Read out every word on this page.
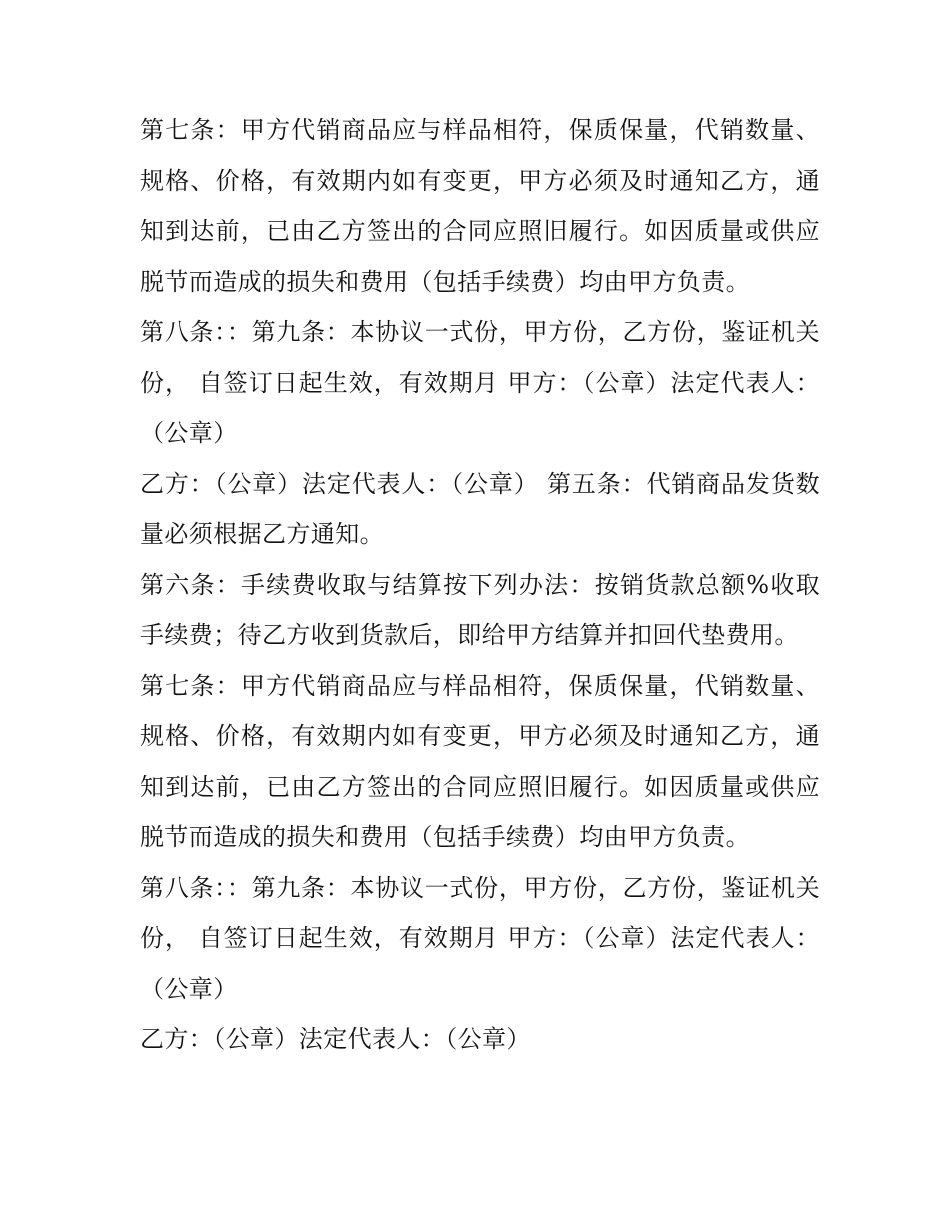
第七条：甲方代销商品应与样品相符，保质保量，代销数量、规格、价格，有效期内如有变更，甲方必须及时通知乙方，通知到达前，已由乙方签出的合同应照旧履行。如因质量或供应脱节而造成的损失和费用（包括手续费）均由甲方负责。

第八条：：第九条：本协议一式份，甲方份，乙方份，鉴证机关份， 自签订日起生效，有效期月 甲方：（公章）法定代表人：（公章）

乙方：（公章）法定代表人：（公章） 第五条：代销商品发货数量必须根据乙方通知。

第六条：手续费收取与结算按下列办法：按销货款总额%收取手续费；待乙方收到货款后，即给甲方结算并扣回代垫费用。

第七条：甲方代销商品应与样品相符，保质保量，代销数量、规格、价格，有效期内如有变更，甲方必须及时通知乙方，通知到达前，已由乙方签出的合同应照旧履行。如因质量或供应脱节而造成的损失和费用（包括手续费）均由甲方负责。

第八条：：第九条：本协议一式份，甲方份，乙方份，鉴证机关份， 自签订日起生效，有效期月 甲方：（公章）法定代表人：（公章）

乙方：（公章）法定代表人：（公章）
